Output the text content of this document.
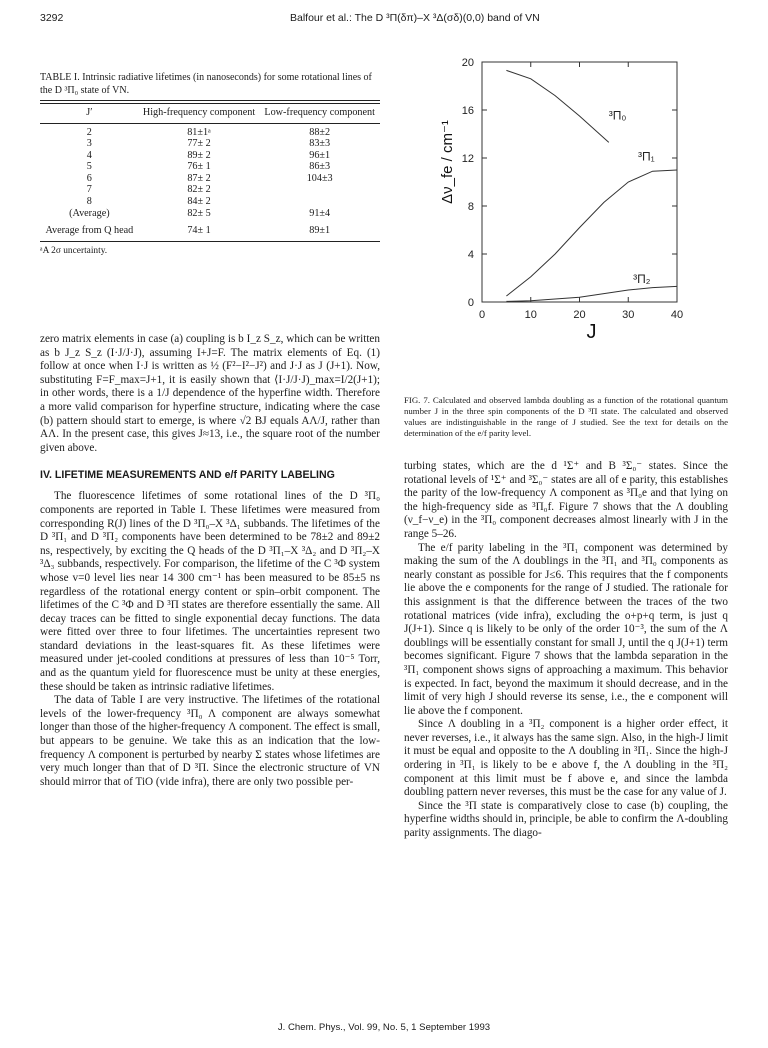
3292	Balfour et al.: The D ³Π(δπ)–X ³Δ(σδ)(0,0) band of VN
TABLE I. Intrinsic radiative lifetimes (in nanoseconds) for some rotational lines of the D ³Π₀ state of VN.
J′	High-frequency component	Low-frequency component

2	81±1ᵃ	88±2
3	77± 2	83±3
4	89± 2	96±1
5	76± 1	86±3
6	87± 2	104±3
7	82± 2	
8	84± 2	
(Average)	82± 5	91±4
Average from Q head	74± 1	89±1
ᵃA 2σ uncertainty.

zero matrix elements in case (a) coupling is b I_z S_z, which can be written as b J_z S_z (I·J/J·J), assuming I+J=F. The matrix elements of Eq. (1) follow at once when I·J is written as ½ (F²−I²−J²) and J·J as J (J+1). Now, substituting F=F_max=J+1, it is easily shown that ⟨I·J/J·J)_max=I/2(J+1); in other words, there is a 1/J dependence of the hyperfine width. Therefore a more valid comparison for hyperfine structure, indicating where the case (b) pattern should start to emerge, is where √2 BJ equals AΛ/J, rather than AΛ. In the present case, this gives J≈13, i.e., the square root of the number given above.

IV. LIFETIME MEASUREMENTS AND e/f PARITY LABELING

The fluorescence lifetimes of some rotational lines of the D ³Π₀ components are reported in Table I. These lifetimes were measured from corresponding R(J) lines of the D ³Π₀–X ³Δ₁ subbands. The lifetimes of the D ³Π₁ and D ³Π₂ components have been determined to be 78±2 and 89±2 ns, respectively, by exciting the Q heads of the D ³Π₁–X ³Δ₂ and D ³Π₂–X ³Δ₃ subbands, respectively. For comparison, the lifetime of the C ³Φ system whose v=0 level lies near 14 300 cm⁻¹ has been measured to be 85±5 ns regardless of the rotational energy content or spin–orbit component. The lifetimes of the C ³Φ and D ³Π states are therefore essentially the same. All decay traces can be fitted to single exponential decay functions. The data were fitted over three to four lifetimes. The uncertainties represent two standard deviations in the least-squares fit. As these lifetimes were measured under jet-cooled conditions at pressures of less than 10⁻⁵ Torr, and as the quantum yield for fluorescence must be unity at these energies, these should be taken as intrinsic radiative lifetimes.

The data of Table I are very instructive. The lifetimes of the rotational levels of the lower-frequency ³Π₀ Λ component are always somewhat longer than those of the higher-frequency Λ component. The effect is small, but appears to be genuine. We take this as an indication that the low-frequency Λ component is perturbed by nearby Σ states whose lifetimes are very much longer than that of D ³Π. Since the electronic structure of VN should mirror that of TiO (vide infra), there are only two possible per-

0
4
8
12
16
20
0	10	20	30	40
J
Δν_fe / cm⁻¹
³Π₀
³Π₁
³Π₂
FIG. 7. Calculated and observed lambda doubling as a function of the rotational quantum number J in the three spin components of the D ³Π state. The calculated and observed values are indistinguishable in the range of J studied. See the text for details on the determination of the e/f parity level.

turbing states, which are the d ¹Σ⁺ and B ³Σ₀⁻ states. Since the rotational levels of ¹Σ⁺ and ³Σ₀⁻ states are all of e parity, this establishes the parity of the low-frequency Λ component as ³Π₀e and that lying on the high-frequency side as ³Π₀f. Figure 7 shows that the Λ doubling (ν_f−ν_e) in the ³Π₀ component decreases almost linearly with J in the range 5–26.

The e/f parity labeling in the ³Π₁ component was determined by making the sum of the Λ doublings in the ³Π₁ and ³Π₀ components as nearly constant as possible for J≤6. This requires that the f components lie above the e components for the range of J studied. The rationale for this assignment is that the difference between the traces of the two rotational matrices (vide infra), excluding the o+p+q term, is just q J(J+1). Since q is likely to be only of the order 10⁻³, the sum of the Λ doublings will be essentially constant for small J, until the q J(J+1) term becomes significant. Figure 7 shows that the lambda separation in the ³Π₁ component shows signs of approaching a maximum. This behavior is expected. In fact, beyond the maximum it should decrease, and in the limit of very high J should reverse its sense, i.e., the e component will lie above the f component.

Since Λ doubling in a ³Π₂ component is a higher order effect, it never reverses, i.e., it always has the same sign. Also, in the high-J limit it must be equal and opposite to the Λ doubling in ³Π₁. Since the high-J ordering in ³Π₁ is likely to be e above f, the Λ doubling in the ³Π₂ component at this limit must be f above e, and since the lambda doubling pattern never reverses, this must be the case for any value of J.

Since the ³Π state is comparatively close to case (b) coupling, the hyperfine widths should in, principle, be able to confirm the Λ-doubling parity assignments. The diago-

J. Chem. Phys., Vol. 99, No. 5, 1 September 1993
